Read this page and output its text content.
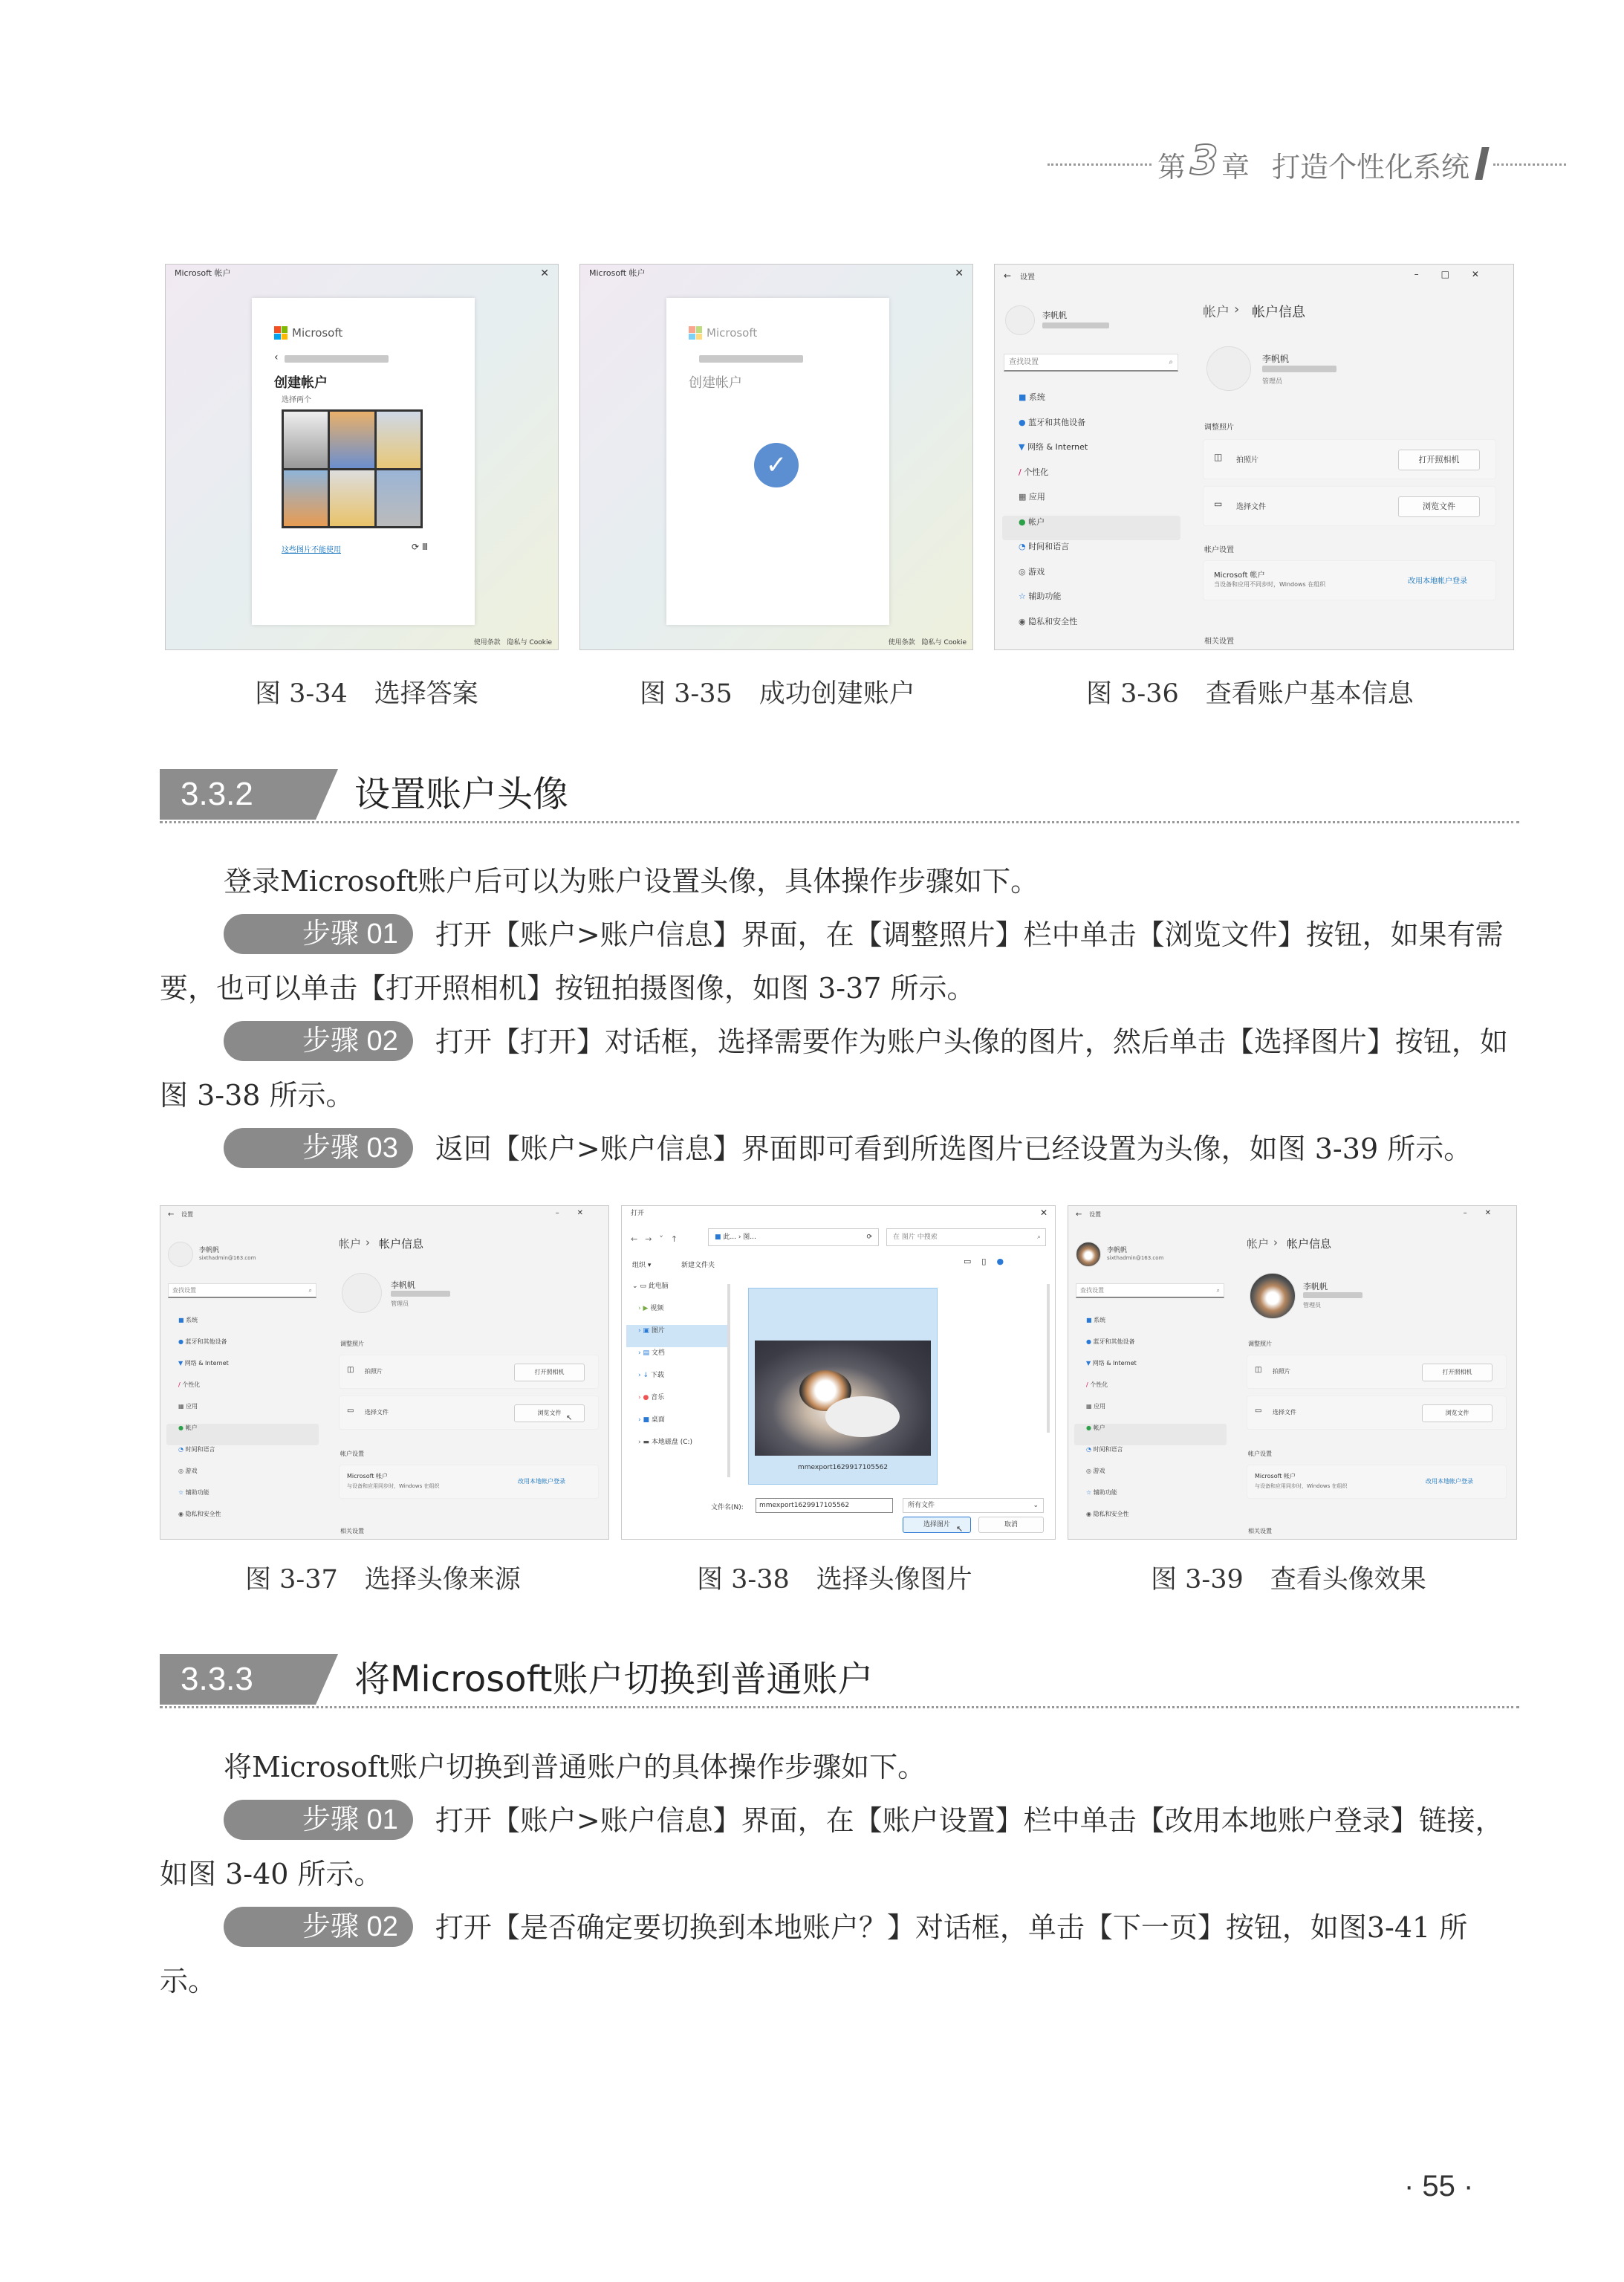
第 3 章 打造个性化系统
Microsoft 帐户	✕
Microsoft
‹
创建帐户
选择两个
这些图片不能使用	⟳ Ⅲ
使用条款　隐私与 Cookie
Microsoft 帐户	✕
Microsoft
创建帐户
✓
使用条款　隐私与 Cookie
← 设置	–□✕
李帆帆
查找设置	⌕
■ 系统
● 蓝牙和其他设备
▼ 网络 & Internet
/ 个性化
▦ 应用
● 帐户
◔ 时间和语言
◎ 游戏
☆ 辅助功能
◉ 隐私和安全性
帐户 › 帐户信息
李帆帆
管理员
调整照片
◫ 拍照片	打开照相机
▭ 选择文件	浏览文件
帐户设置
Microsoft 帐户
当设备和应用不同步时，Windows 在组织	改用本地帐户登录
相关设置
图 3-34 选择答案	图 3-35 成功创建账户	图 3-36 查看账户基本信息
3.3.2	设置账户头像
登录Microsoft账户后可以为账户设置头像，具体操作步骤如下。
步骤 01 打开【账户>账户信息】界面，在【调整照片】栏中单击【浏览文件】按钮，如果有需要，也可以单击【打开照相机】按钮拍摄图像，如图 3-37 所示。
步骤 02 打开【打开】对话框，选择需要作为账户头像的图片，然后单击【选择图片】按钮，如图 3-38 所示。
步骤 03 返回【账户>账户信息】界面即可看到所选图片已经设置为头像，如图 3-39 所示。
← 设置	–✕
李帆帆
sixthadmin@163.com
查找设置	⌕
■ 系统
● 蓝牙和其他设备
▼ 网络 & Internet
/ 个性化
▦ 应用
● 帐户
◔ 时间和语言
◎ 游戏
☆ 辅助功能
◉ 隐私和安全性
帐户 › 帐户信息
李帆帆
管理员
调整照片
◫ 拍照片	打开照相机
▭ 选择文件	浏览文件
↖
帐户设置
Microsoft 帐户
与设备和应用同步时，Windows 在组织
改用本地帐户登录
相关设置
打开	✕
←→˅↑	■ 此... › 图...	⟳	在 图片 中搜索	⌕
组织 ▾	新建文件夹	▭▯●
⌄ ▭ 此电脑
› ▶ 视频
› ▣ 图片
› ▤ 文档
› ↓ 下载
› ● 音乐
› ■ 桌面
› ▬ 本地磁盘 (C:)
mmexport1629917105562
文件名(N):	mmexport1629917105562	所有文件	⌄
选择图片 ↖	取消
← 设置	–✕
李帆帆
sixthadmin@163.com
查找设置	⌕
■ 系统
● 蓝牙和其他设备
▼ 网络 & Internet
/ 个性化
▦ 应用
● 帐户
◔ 时间和语言
◎ 游戏
☆ 辅助功能
◉ 隐私和安全性
帐户 › 帐户信息
李帆帆
管理员
调整照片
◫ 拍照片	打开照相机
▭ 选择文件	浏览文件
帐户设置
Microsoft 帐户
与设备和应用同步时，Windows 在组织
改用本地帐户登录
相关设置
图 3-37 选择头像来源	图 3-38 选择头像图片	图 3-39 查看头像效果
3.3.3	将Microsoft账户切换到普通账户
将Microsoft账户切换到普通账户的具体操作步骤如下。
步骤 01 打开【账户>账户信息】界面，在【账户设置】栏中单击【改用本地账户登录】链接，如图 3-40 所示。
步骤 02 打开【是否确定要切换到本地账户？】对话框，单击【下一页】按钮，如图3-41 所示。
· 55 ·
